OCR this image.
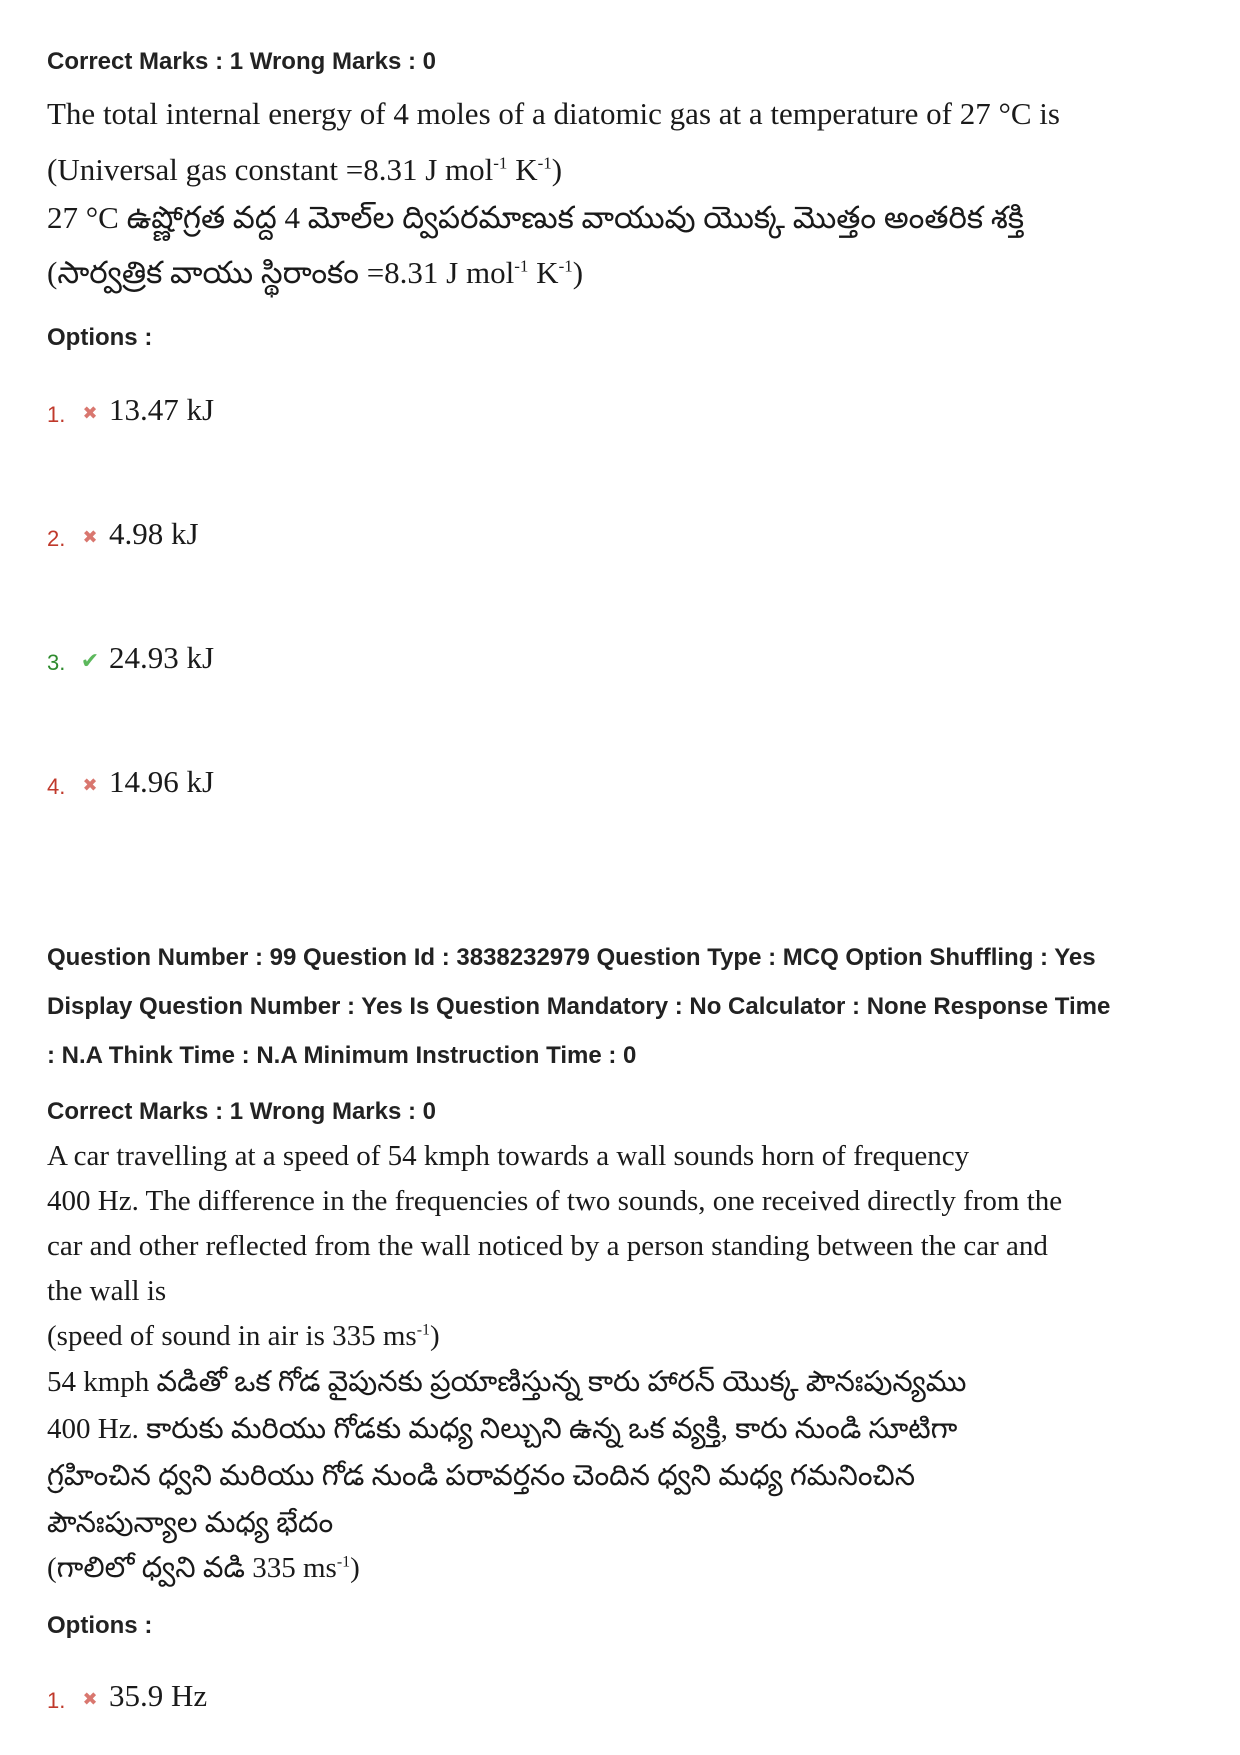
Correct Marks : 1 Wrong Marks : 0
The total internal energy of 4 moles of a diatomic gas at a temperature of 27 °C is
(Universal gas constant =8.31 J mol$^{-1}$ $K^{-1}$)
27 °C ఉష్ణోగ్రత వద్ద 4 మోల్‌ల ద్విపరమాణుక వాయువు యొక్క మొత్తం అంతరిక శక్తి
(సార్వత్రిక వాయు స్థిరాంకం =8.31 J mol$^{-1}$ $K^{-1}$)
Options :
1. ✖ 13.47 kJ
2. ✖ 4.98 kJ
3. ✔ 24.93 kJ
4. ✖ 14.96 kJ
Question Number : 99 Question Id : 3838232979 Question Type : MCQ Option Shuffling : Yes
Display Question Number : Yes Is Question Mandatory : No Calculator : None Response Time
: N.A Think Time : N.A Minimum Instruction Time : 0
Correct Marks : 1 Wrong Marks : 0
A car travelling at a speed of 54 kmph towards a wall sounds horn of frequency
400 Hz. The difference in the frequencies of two sounds, one received directly from the
car and other reflected from the wall noticed by a person standing between the car and
the wall is
(speed of sound in air is 335 $ms^{-1}$)
54 kmph వడితో ఒక గోడ వైపునకు ప్రయాణిస్తున్న కారు హారన్ యొక్క పౌనఃపున్యము
400 Hz. కారుకు మరియు గోడకు మధ్య నిల్చుని ఉన్న ఒక వ్యక్తి, కారు నుండి సూటిగా
గ్రహించిన ధ్వని మరియు గోడ నుండి పరావర్తనం చెందిన ధ్వని మధ్య గమనించిన
పౌనఃపున్యాల మధ్య భేదం
(గాలిలో ధ్వని వడి 335 $ms^{-1}$)
Options :
1. ✖ 35.9 Hz
